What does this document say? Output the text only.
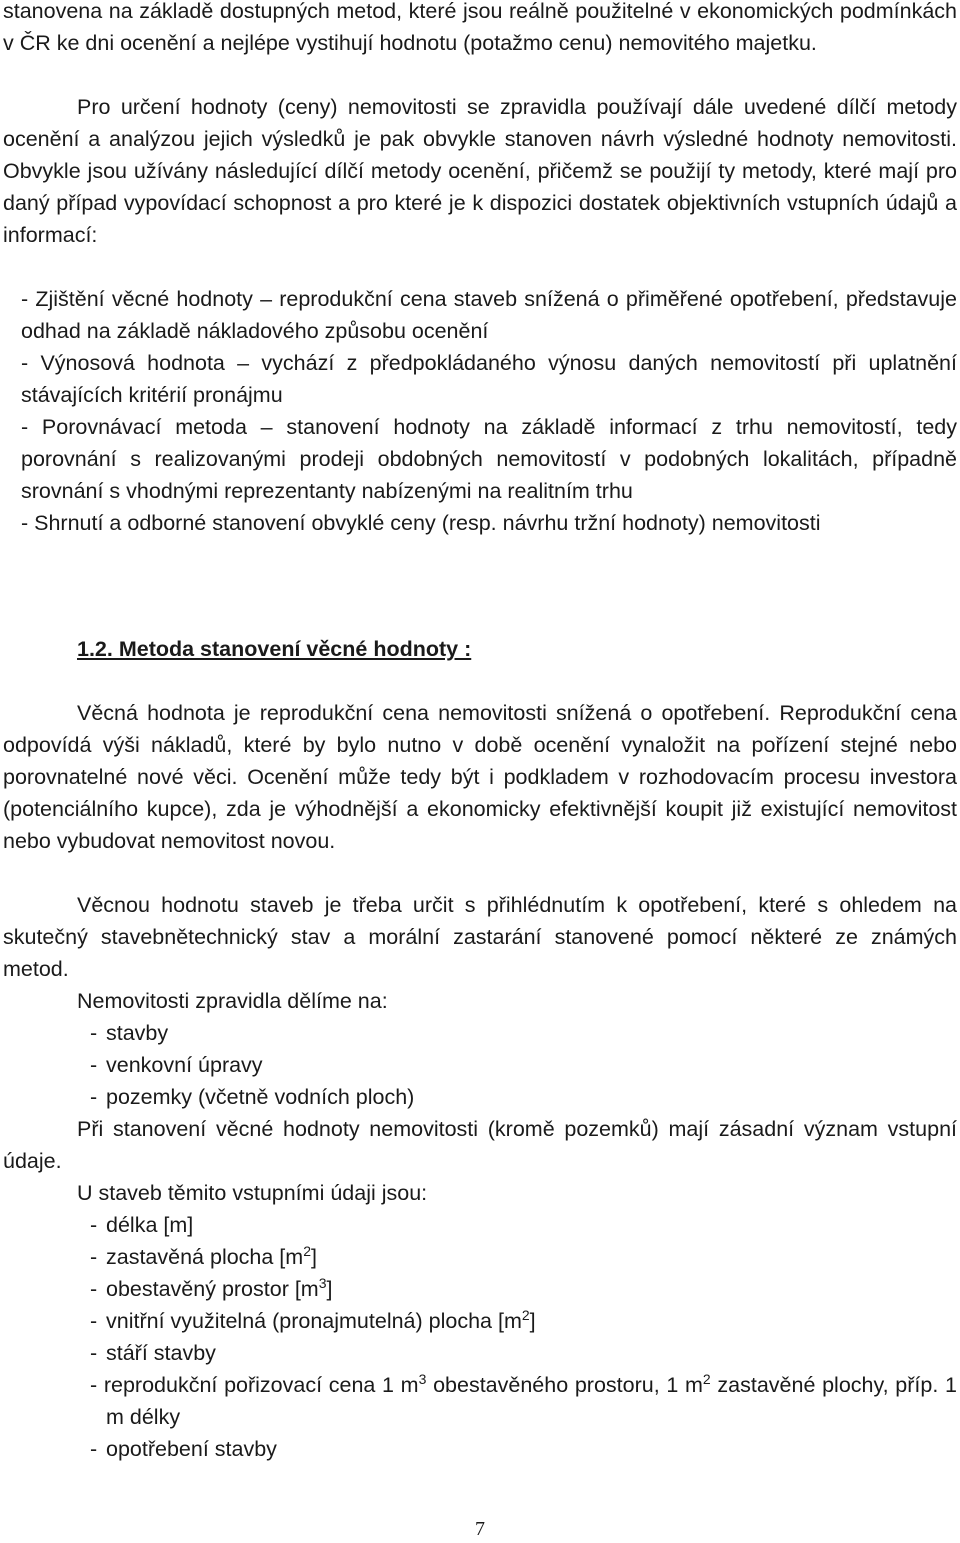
stanovena na základě dostupných metod, které jsou reálně použitelné v ekonomických podmínkách v ČR ke dni ocenění a nejlépe vystihují hodnotu (potažmo cenu) nemovitého majetku.
Pro určení hodnoty (ceny) nemovitosti se zpravidla používají dále uvedené dílčí metody ocenění a analýzou jejich výsledků je pak obvykle stanoven návrh výsledné hodnoty nemovitosti. Obvykle jsou užívány následující dílčí metody ocenění, přičemž se použijí ty metody, které mají pro daný případ vypovídací schopnost a pro které je k dispozici dostatek objektivních vstupních údajů a informací:
- Zjištění věcné hodnoty – reprodukční cena staveb snížená o přiměřené opotřebení, představuje odhad na základě nákladového způsobu ocenění
- Výnosová hodnota – vychází z předpokládaného výnosu daných nemovitostí při uplatnění stávajících kritérií pronájmu
- Porovnávací metoda – stanovení hodnoty na základě informací z trhu nemovitostí, tedy porovnání s realizovanými prodeji obdobných nemovitostí v podobných lokalitách, případně srovnání s vhodnými reprezentanty nabízenými na realitním trhu
- Shrnutí a odborné stanovení obvyklé ceny (resp. návrhu tržní hodnoty) nemovitosti
1.2. Metoda stanovení věcné hodnoty :
Věcná hodnota je reprodukční cena nemovitosti snížená o opotřebení. Reprodukční cena odpovídá výši nákladů, které by bylo nutno v době ocenění vynaložit na pořízení stejné nebo porovnatelné nové věci. Ocenění může tedy být i podkladem v rozhodovacím procesu investora (potenciálního kupce), zda je výhodnější a ekonomicky efektivnější koupit již existující nemovitost nebo vybudovat nemovitost novou.
Věcnou hodnotu staveb je třeba určit s přihlédnutím k opotřebení, které s ohledem na skutečný stavebnětechnický stav a morální zastarání stanovené pomocí některé ze známých metod.
Nemovitosti zpravidla dělíme na:
- stavby
- venkovní úpravy
- pozemky (včetně vodních ploch)
Při stanovení věcné hodnoty nemovitosti (kromě pozemků) mají zásadní význam vstupní údaje.
U staveb těmito vstupními údaji jsou:
- délka [m]
- zastavěná plocha $[m^2]$
- obestavěný prostor $[m^3]$
- vnitřní využitelná (pronajmutelná) plocha $[m^2]$
- stáří stavby
- reprodukční pořizovací cena 1 $m^3$ obestavěného prostoru, 1 $m^2$ zastavěné plochy, příp. 1 m délky
- opotřebení stavby
7
